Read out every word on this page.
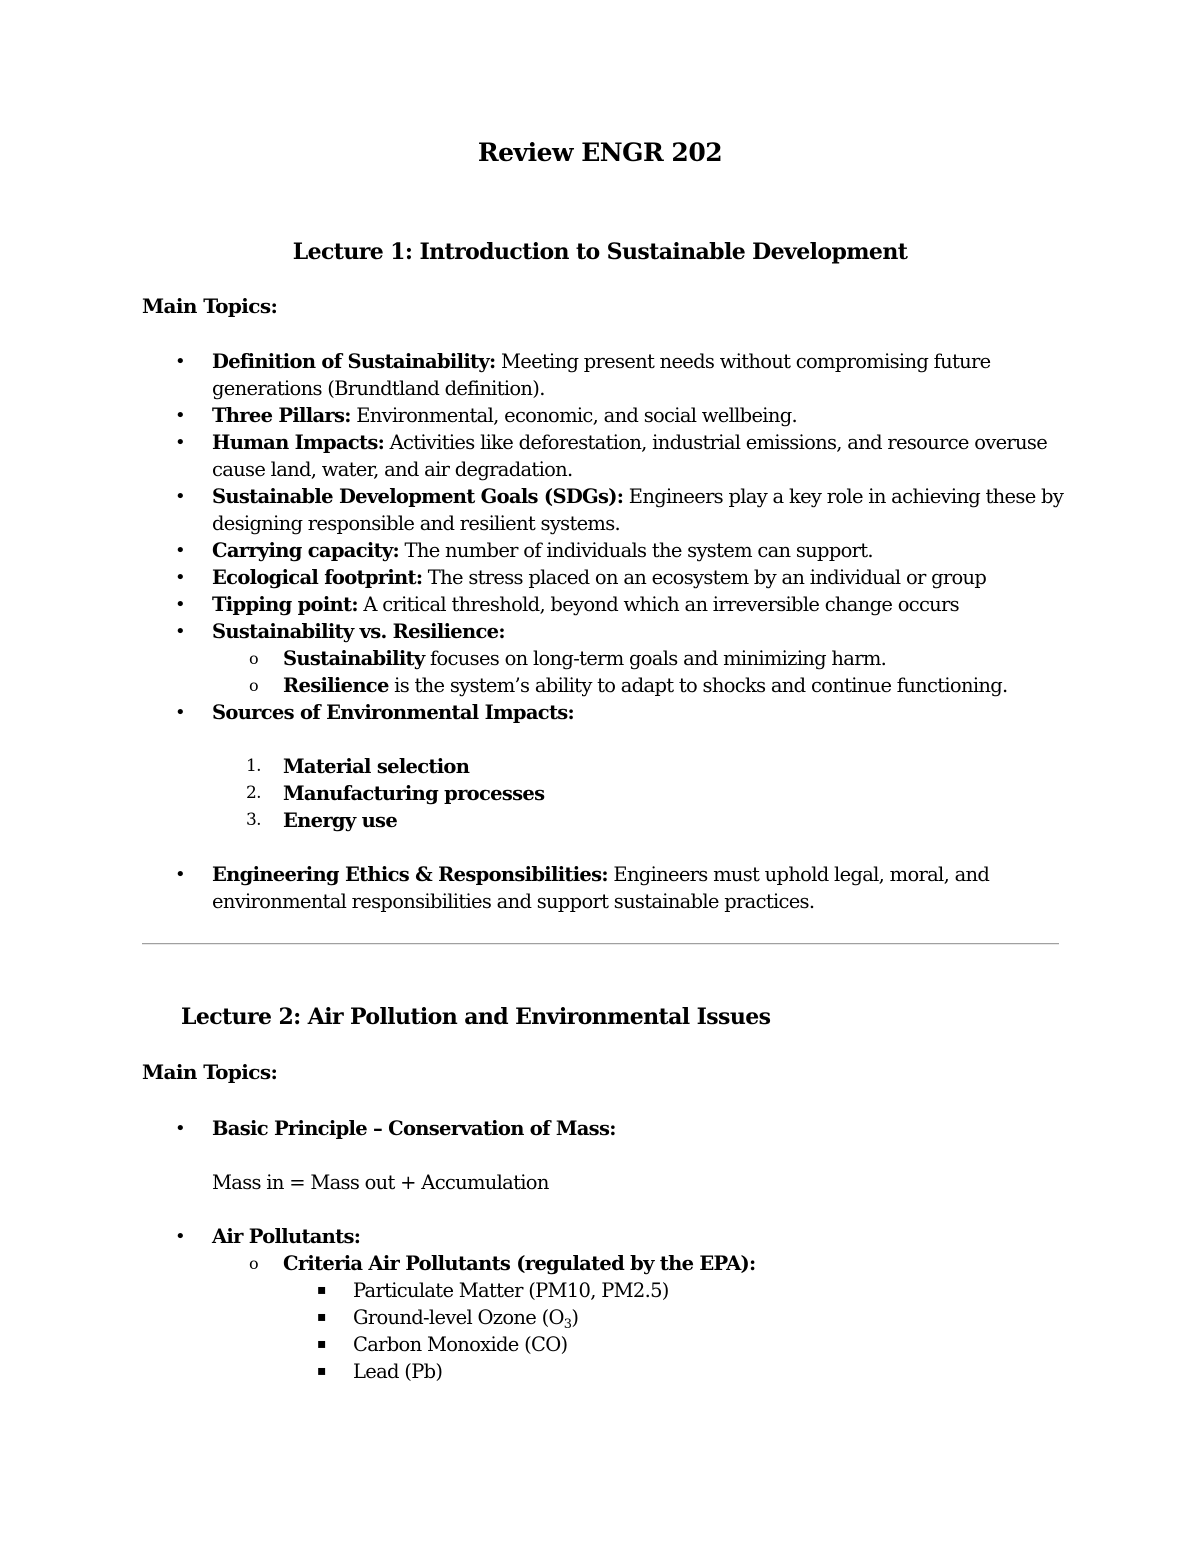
Review ENGR 202
Lecture 1: Introduction to Sustainable Development
Main Topics:
• Definition of Sustainability: Meeting present needs without compromising future generations (Brundtland definition).
• Three Pillars: Environmental, economic, and social wellbeing.
• Human Impacts: Activities like deforestation, industrial emissions, and resource overuse cause land, water, and air degradation.
• Sustainable Development Goals (SDGs): Engineers play a key role in achieving these by designing responsible and resilient systems.
• Carrying capacity: The number of individuals the system can support.
• Ecological footprint: The stress placed on an ecosystem by an individual or group
• Tipping point: A critical threshold, beyond which an irreversible change occurs
• Sustainability vs. Resilience:
o Sustainability focuses on long-term goals and minimizing harm.
o Resilience is the system’s ability to adapt to shocks and continue functioning.
• Sources of Environmental Impacts:
1. Material selection
2. Manufacturing processes
3. Energy use
• Engineering Ethics & Responsibilities: Engineers must uphold legal, moral, and environmental responsibilities and support sustainable practices.
Lecture 2: Air Pollution and Environmental Issues
Main Topics:
• Basic Principle – Conservation of Mass:
Mass in = Mass out + Accumulation
• Air Pollutants:
o Criteria Air Pollutants (regulated by the EPA):
▪ Particulate Matter (PM10, PM2.5)
▪ Ground-level Ozone $(O_3)$
▪ Carbon Monoxide (CO)
▪ Lead (Pb)
